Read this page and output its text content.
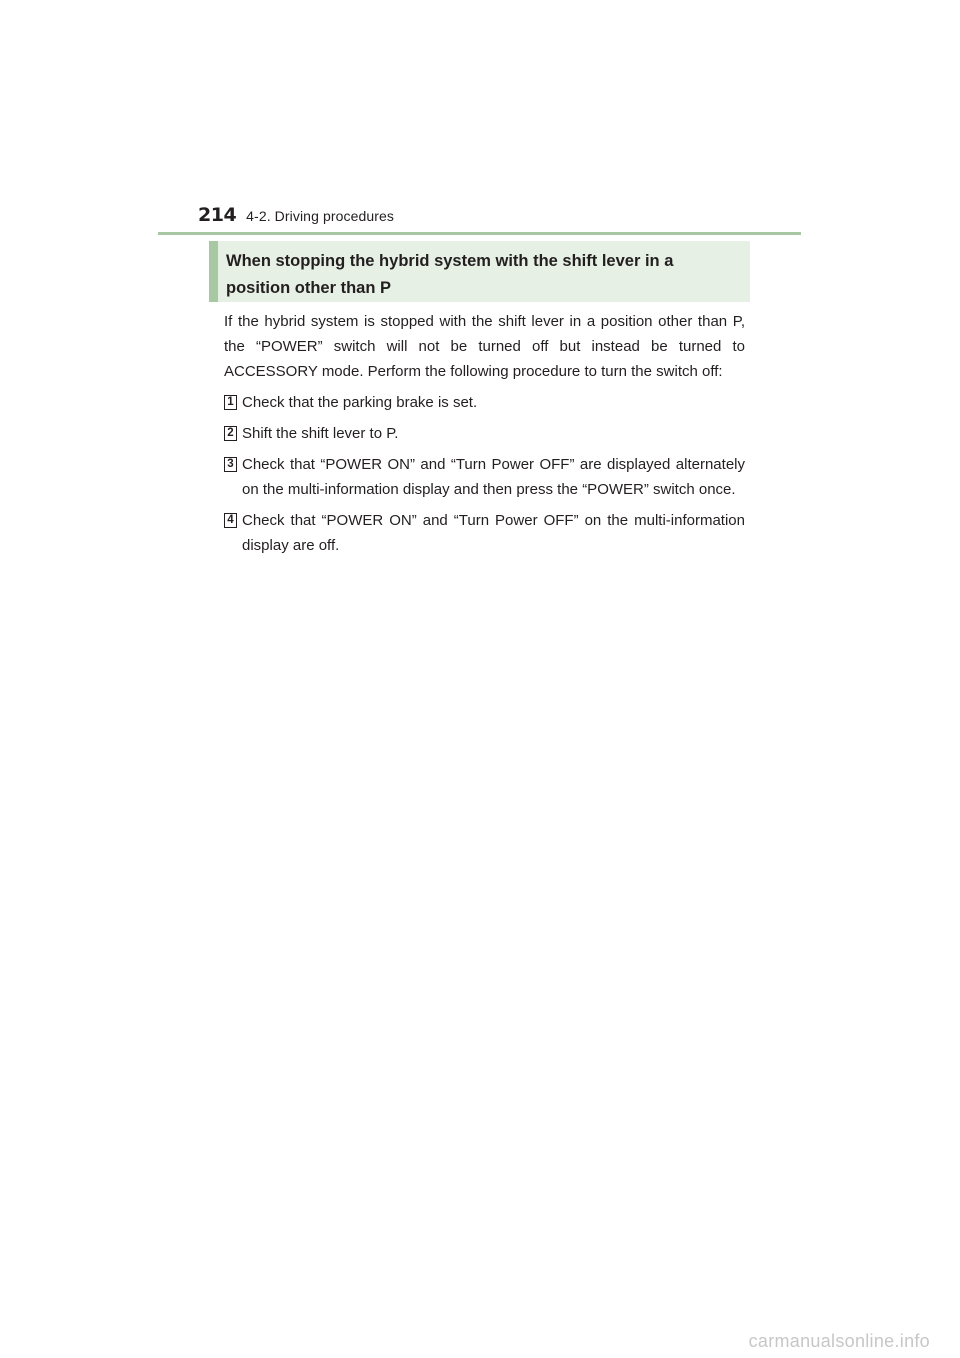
214 4-2. Driving procedures
When stopping the hybrid system with the shift lever in a position other than P

If the hybrid system is stopped with the shift lever in a position other than P, the “POWER” switch will not be turned off but instead be turned to ACCESSORY mode. Perform the following procedure to turn the switch off:

1 Check that the parking brake is set.

2 Shift the shift lever to P.

3 Check that “POWER ON” and “Turn Power OFF” are displayed alternately on the multi-information display and then press the “POWER” switch once.

4 Check that “POWER ON” and “Turn Power OFF” on the multi-information display are off.

carmanualsonline.info
